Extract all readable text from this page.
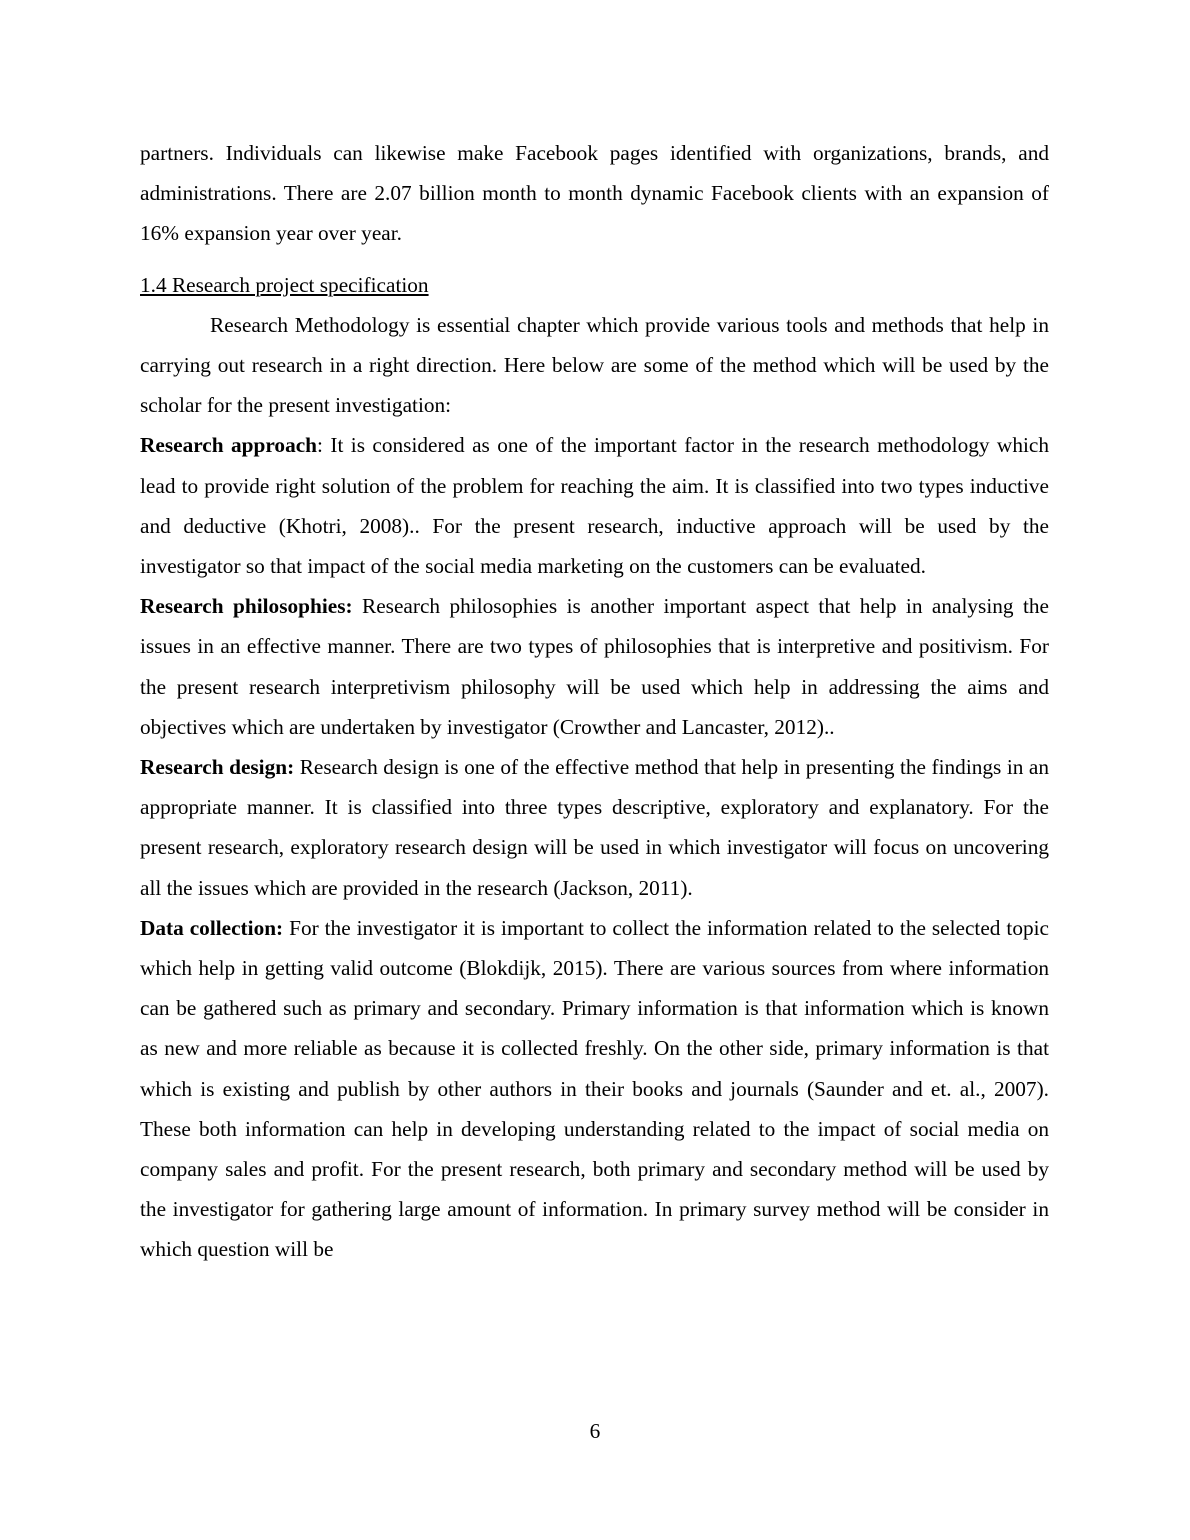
partners. Individuals can likewise make Facebook pages identified with organizations, brands, and administrations. There are 2.07 billion month to month dynamic Facebook clients with an expansion of 16% expansion year over year.

1.4 Research project specification

Research Methodology is essential chapter which provide various tools and methods that help in carrying out research in a right direction. Here below are some of the method which will be used by the scholar for the present investigation:

Research approach: It is considered as one of the important factor in the research methodology which lead to provide right solution of the problem for reaching the aim. It is classified into two types inductive and deductive (Khotri, 2008).. For the present research, inductive approach will be used by the investigator so that impact of the social media marketing on the customers can be evaluated.

Research philosophies: Research philosophies is another important aspect that help in analysing the issues in an effective manner. There are two types of philosophies that is interpretive and positivism. For the present research interpretivism philosophy will be used which help in addressing the aims and objectives which are undertaken by investigator (Crowther and Lancaster, 2012)..

Research design: Research design is one of the effective method that help in presenting the findings in an appropriate manner. It is classified into three types descriptive, exploratory and explanatory. For the present research, exploratory research design will be used in which investigator will focus on uncovering all the issues which are provided in the research (Jackson, 2011).

Data collection: For the investigator it is important to collect the information related to the selected topic which help in getting valid outcome (Blokdijk, 2015). There are various sources from where information can be gathered such as primary and secondary. Primary information is that information which is known as new and more reliable as because it is collected freshly. On the other side, primary information is that which is existing and publish by other authors in their books and journals (Saunder and et. al., 2007). These both information can help in developing understanding related to the impact of social media on company sales and profit. For the present research, both primary and secondary method will be used by the investigator for gathering large amount of information. In primary survey method will be consider in which question will be

6
